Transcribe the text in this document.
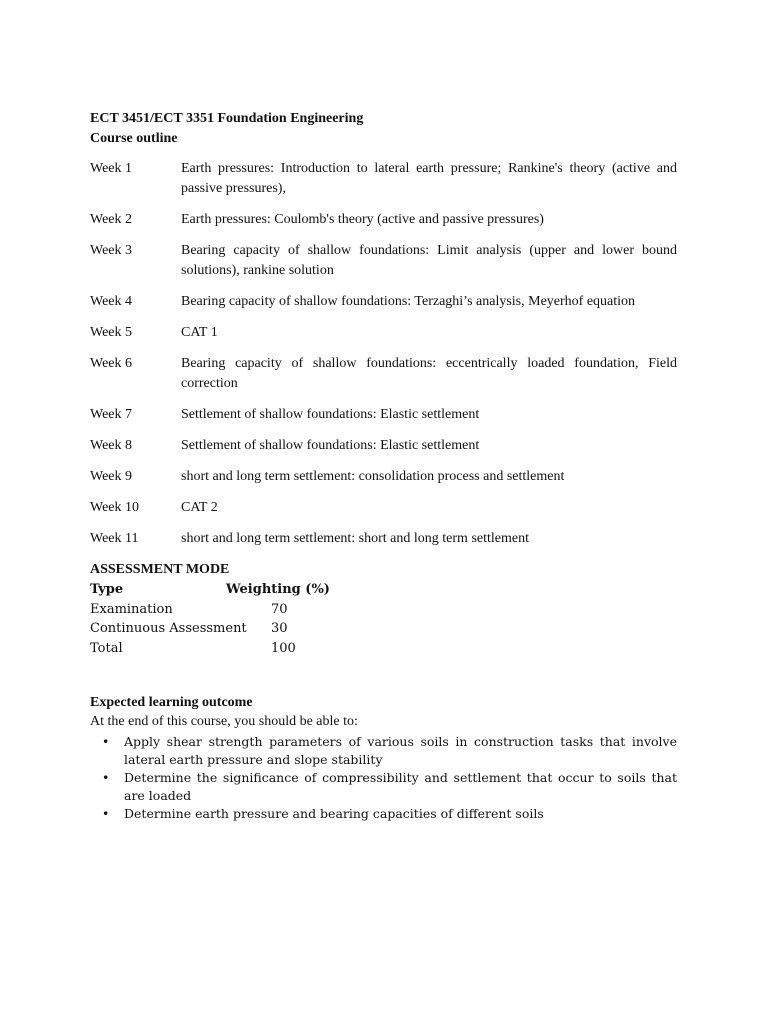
ECT 3451/ECT 3351 Foundation Engineering
Course outline
Week 1	Earth pressures: Introduction to lateral earth pressure; Rankine's theory (active and passive pressures),
Week 2	Earth pressures: Coulomb's theory (active and passive pressures)
Week 3	Bearing capacity of shallow foundations: Limit analysis (upper and lower bound solutions), rankine solution
Week 4	Bearing capacity of shallow foundations: Terzaghi’s analysis, Meyerhof equation
Week 5	CAT 1
Week 6	Bearing capacity of shallow foundations: eccentrically loaded foundation, Field correction
Week 7	Settlement of shallow foundations: Elastic settlement
Week 8	Settlement of shallow foundations: Elastic settlement
Week 9	short and long term settlement: consolidation process and settlement
Week 10	CAT 2
Week 11	short and long term settlement: short and long term settlement
ASSESSMENT MODE
Type	Weighting (%)
Examination	70
Continuous Assessment 30
Total	100
Expected learning outcome
At the end of this course, you should be able to:
• Apply shear strength parameters of various soils in construction tasks that involve lateral earth pressure and slope stability
• Determine the significance of compressibility and settlement that occur to soils that are loaded
• Determine earth pressure and bearing capacities of different soils
